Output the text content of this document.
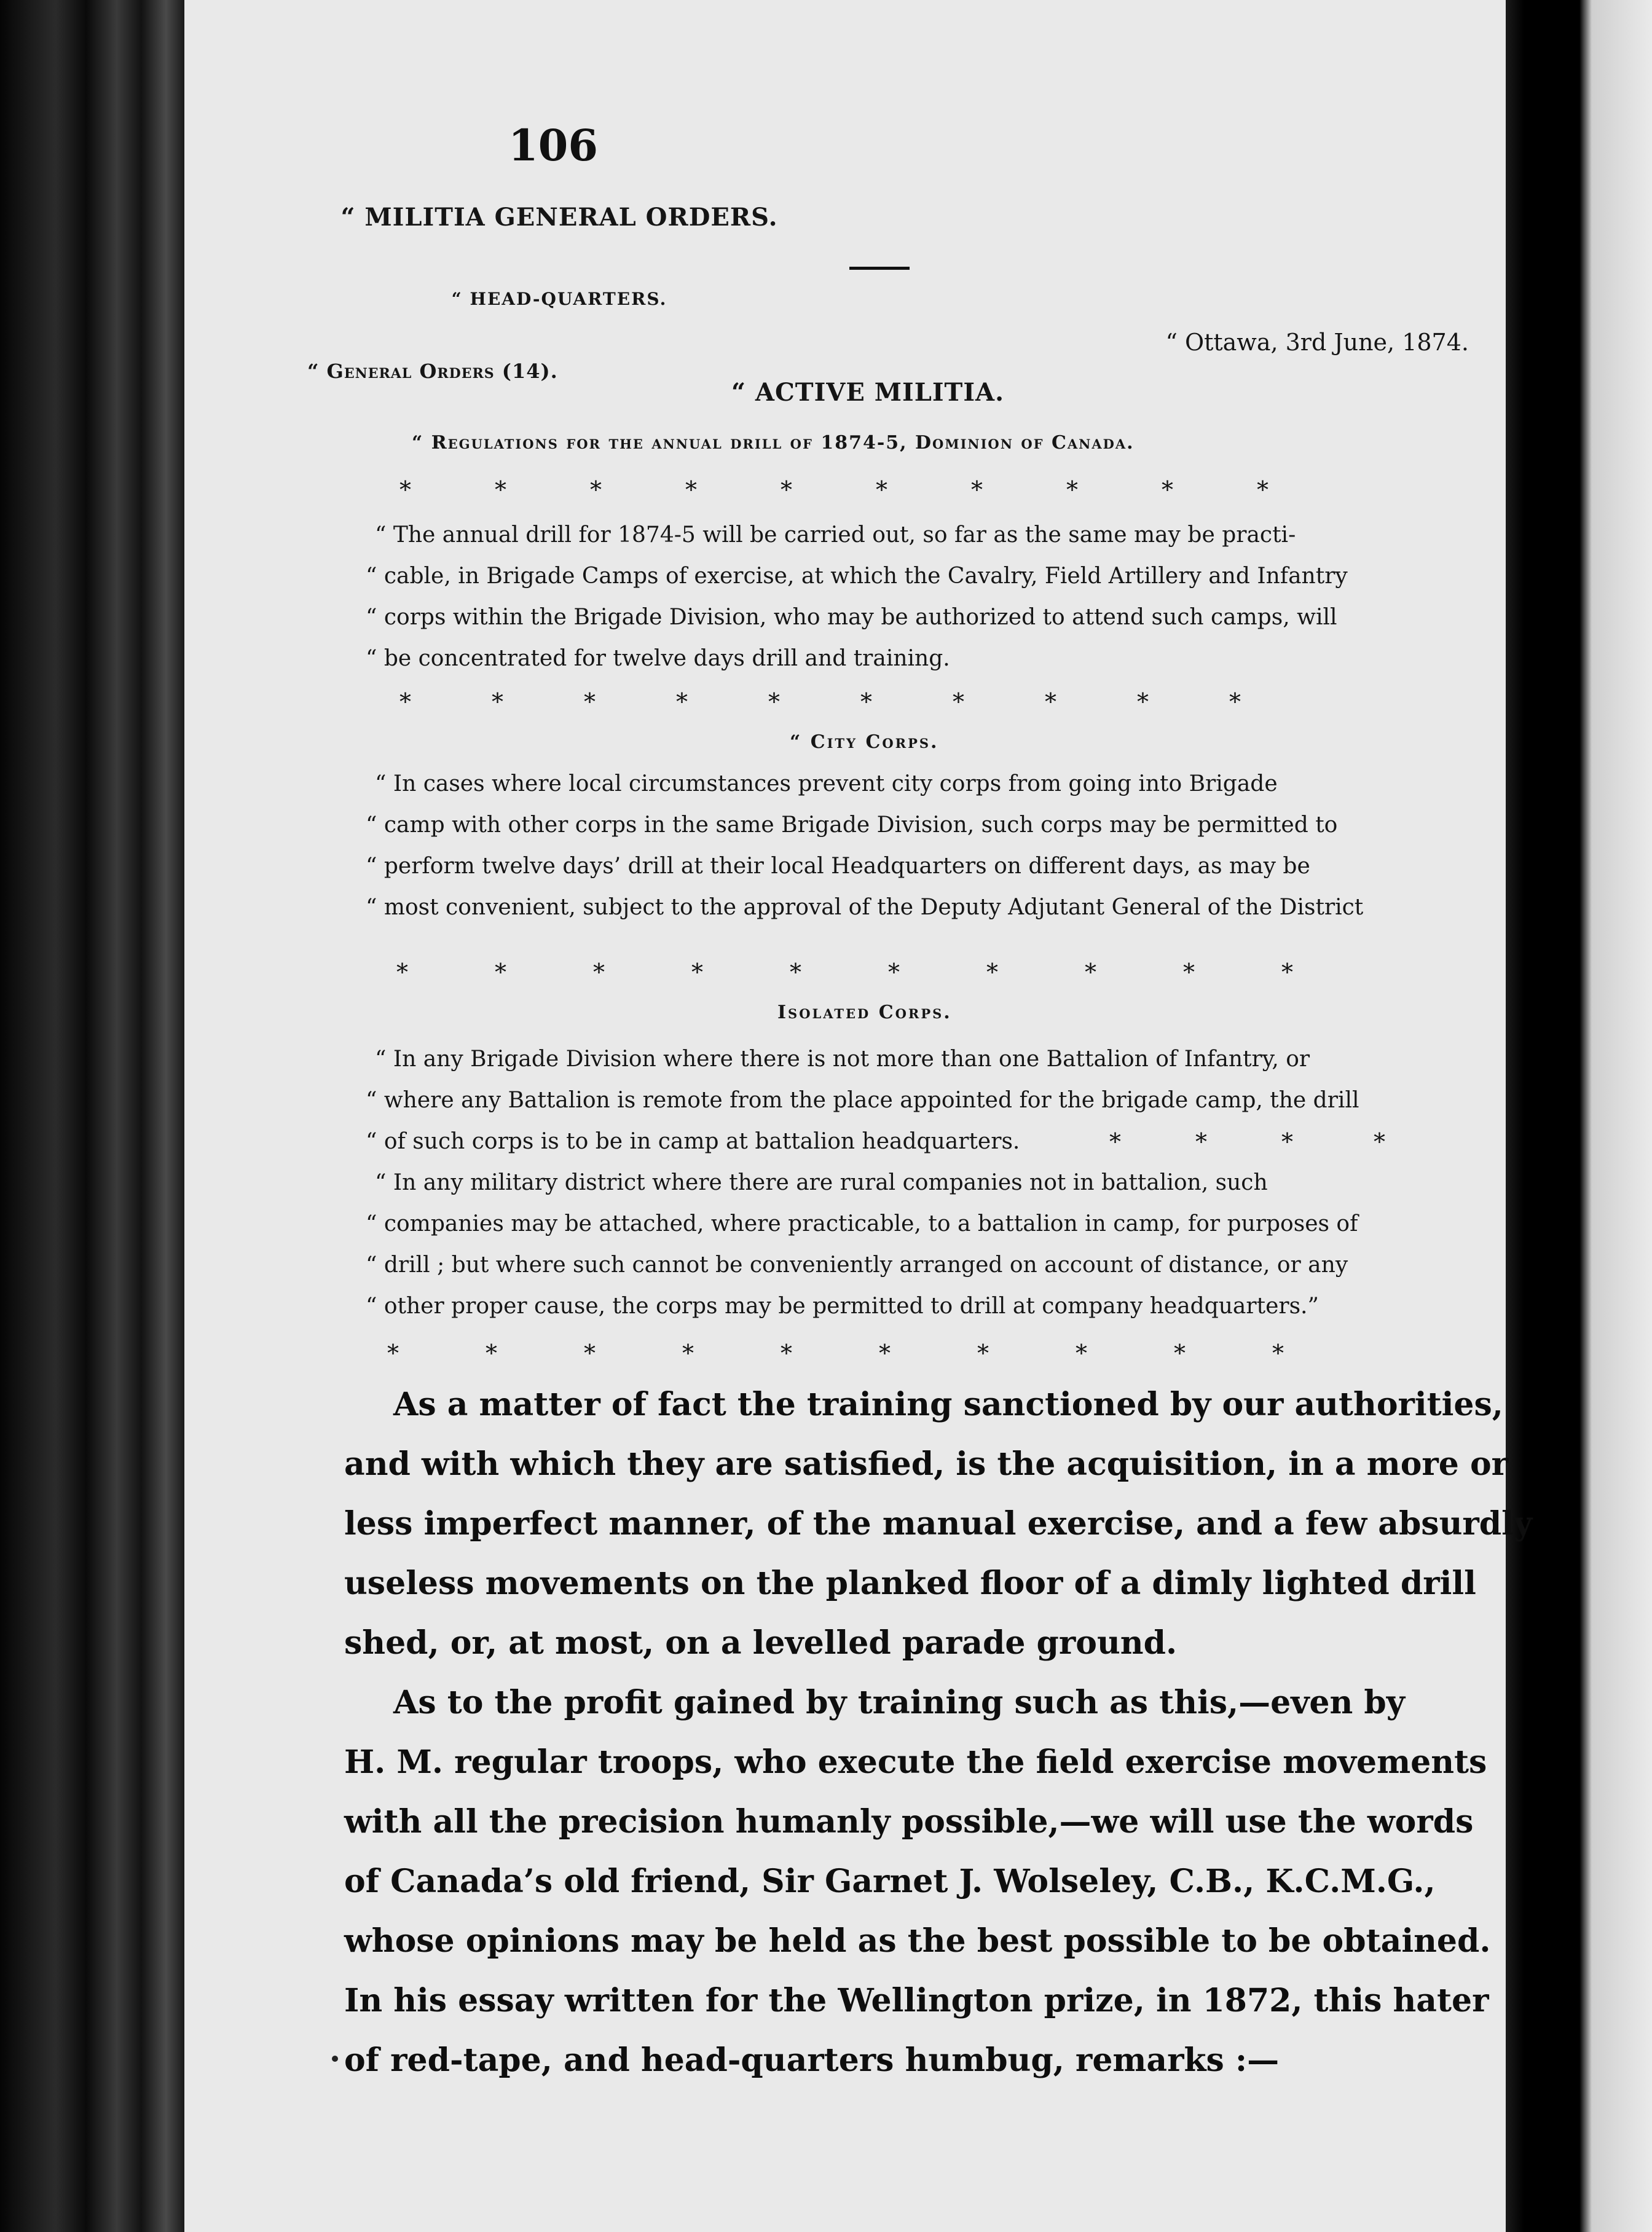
106
“ MILITIA GENERAL ORDERS.
“ HEAD-QUARTERS.
“ Ottawa, 3rd June, 1874.
“ General Orders (14).
“ ACTIVE MILITIA.
“ Regulations for the annual drill of 1874-5, Dominion of Canada.
*	*	*	*	*	*	*	*	*	*
“ The annual drill for 1874-5 will be carried out, so far as the same may be practi-
“ cable, in Brigade Camps of exercise, at which the Cavalry, Field Artillery and Infantry
“ corps within the Brigade Division, who may be authorized to attend such camps, will
“ be concentrated for twelve days drill and training.
*	*	*	*	*	*	*	*	*	*
“ City Corps.
“ In cases where local circumstances prevent city corps from going into Brigade
“ camp with other corps in the same Brigade Division, such corps may be permitted to
“ perform twelve days’ drill at their local Headquarters on different days, as may be
“ most convenient, subject to the approval of the Deputy Adjutant General of the District
*	*	*	*	*	*	*	*	*	*
Isolated Corps.
“ In any Brigade Division where there is not more than one Battalion of Infantry, or
“ where any Battalion is remote from the place appointed for the brigade camp, the drill
“ of such corps is to be in camp at battalion headquarters.
“ In any military district where there are rural companies not in battalion, such
“ companies may be attached, where practicable, to a battalion in camp, for purposes of
“ drill ; but where such cannot be conveniently arranged on account of distance, or any
“ other proper cause, the corps may be permitted to drill at company headquarters.”
*	*	*	*
*	*	*	*	*	*	*	*	*	*
As a matter of fact the training sanctioned by our authorities,
and with which they are satisfied, is the acquisition, in a more or
less imperfect manner, of the manual exercise, and a few absurdly
useless movements on the planked floor of a dimly lighted drill
shed, or, at most, on a levelled parade ground.
As to the profit gained by training such as this,—even by
H. M. regular troops, who execute the field exercise movements
with all the precision humanly possible,—we will use the words
of Canada’s old friend, Sir Garnet J. Wolseley, C.B., K.C.M.G.,
whose opinions may be held as the best possible to be obtained.
In his essay written for the Wellington prize, in 1872, this hater
of red-tape, and head-quarters humbug, remarks :—
